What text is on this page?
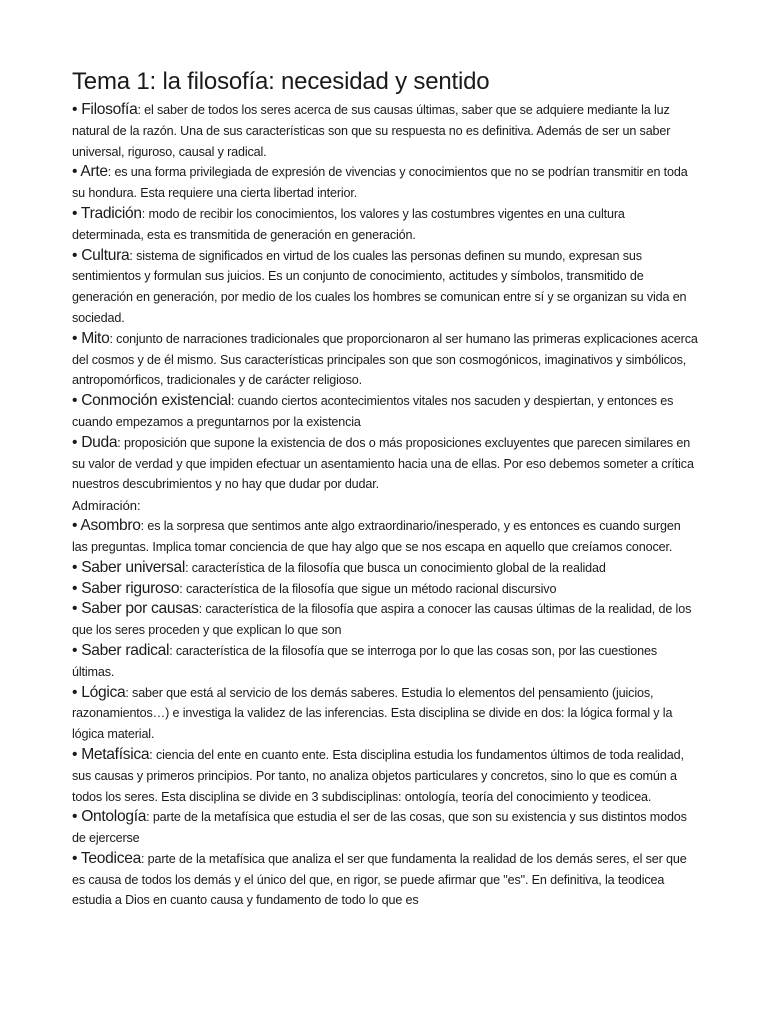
Tema 1: la filosofía: necesidad y sentido

• Filosofía: el saber de todos los seres acerca de sus causas últimas, saber que se adquiere mediante la luz natural de la razón. Una de sus características son que su respuesta no es definitiva. Además de ser un saber universal, riguroso, causal y radical.

• Arte: es una forma privilegiada de expresión de vivencias y conocimientos que no se podrían transmitir en toda su hondura. Esta requiere una cierta libertad interior.

• Tradición: modo de recibir los conocimientos, los valores y las costumbres vigentes en una cultura determinada, esta es transmitida de generación en generación.

• Cultura: sistema de significados en virtud de los cuales las personas definen su mundo, expresan sus sentimientos y formulan sus juicios. Es un conjunto de conocimiento, actitudes y símbolos, transmitido de generación en generación, por medio de los cuales los hombres se comunican entre sí y se organizan su vida en sociedad.

• Mito: conjunto de narraciones tradicionales que proporcionaron al ser humano las primeras explicaciones acerca del cosmos y de él mismo. Sus características principales son que son cosmogónicos, imaginativos y simbólicos, antropomórficos, tradicionales y de carácter religioso.

• Conmoción existencial: cuando ciertos acontecimientos vitales nos sacuden y despiertan, y entonces es cuando empezamos a preguntarnos por la existencia

• Duda: proposición que supone la existencia de dos o más proposiciones excluyentes que parecen similares en su valor de verdad y que impiden efectuar un asentamiento hacia una de ellas. Por eso debemos someter a crítica nuestros descubrimientos y no hay que dudar por dudar.

Admiración:

• Asombro: es la sorpresa que sentimos ante algo extraordinario/inesperado, y es entonces es cuando surgen las preguntas. Implica tomar conciencia de que hay algo que se nos escapa en aquello que creíamos conocer.

• Saber universal: característica de la filosofía que busca un conocimiento global de la realidad

• Saber riguroso: característica de la filosofía que sigue un método racional discursivo

• Saber por causas: característica de la filosofía que aspira a conocer las causas últimas de la realidad, de los que los seres proceden y que explican lo que son

• Saber radical: característica de la filosofía que se interroga por lo que las cosas son, por las cuestiones últimas.

• Lógica: saber que está al servicio de los demás saberes. Estudia lo elementos del pensamiento (juicios, razonamientos…) e investiga la validez de las inferencias. Esta disciplina se divide en dos: la lógica formal y la lógica material.

• Metafísica: ciencia del ente en cuanto ente. Esta disciplina estudia los fundamentos últimos de toda realidad, sus causas y primeros principios. Por tanto, no analiza objetos particulares y concretos, sino lo que es común a todos los seres. Esta disciplina se divide en 3 subdisciplinas: ontología, teoría del conocimiento y teodicea.

• Ontología: parte de la metafísica que estudia el ser de las cosas, que son su existencia y sus distintos modos de ejercerse

• Teodicea: parte de la metafísica que analiza el ser que fundamenta la realidad de los demás seres, el ser que es causa de todos los demás y el único del que, en rigor, se puede afirmar que "es". En definitiva, la teodicea estudia a Dios en cuanto causa y fundamento de todo lo que es
